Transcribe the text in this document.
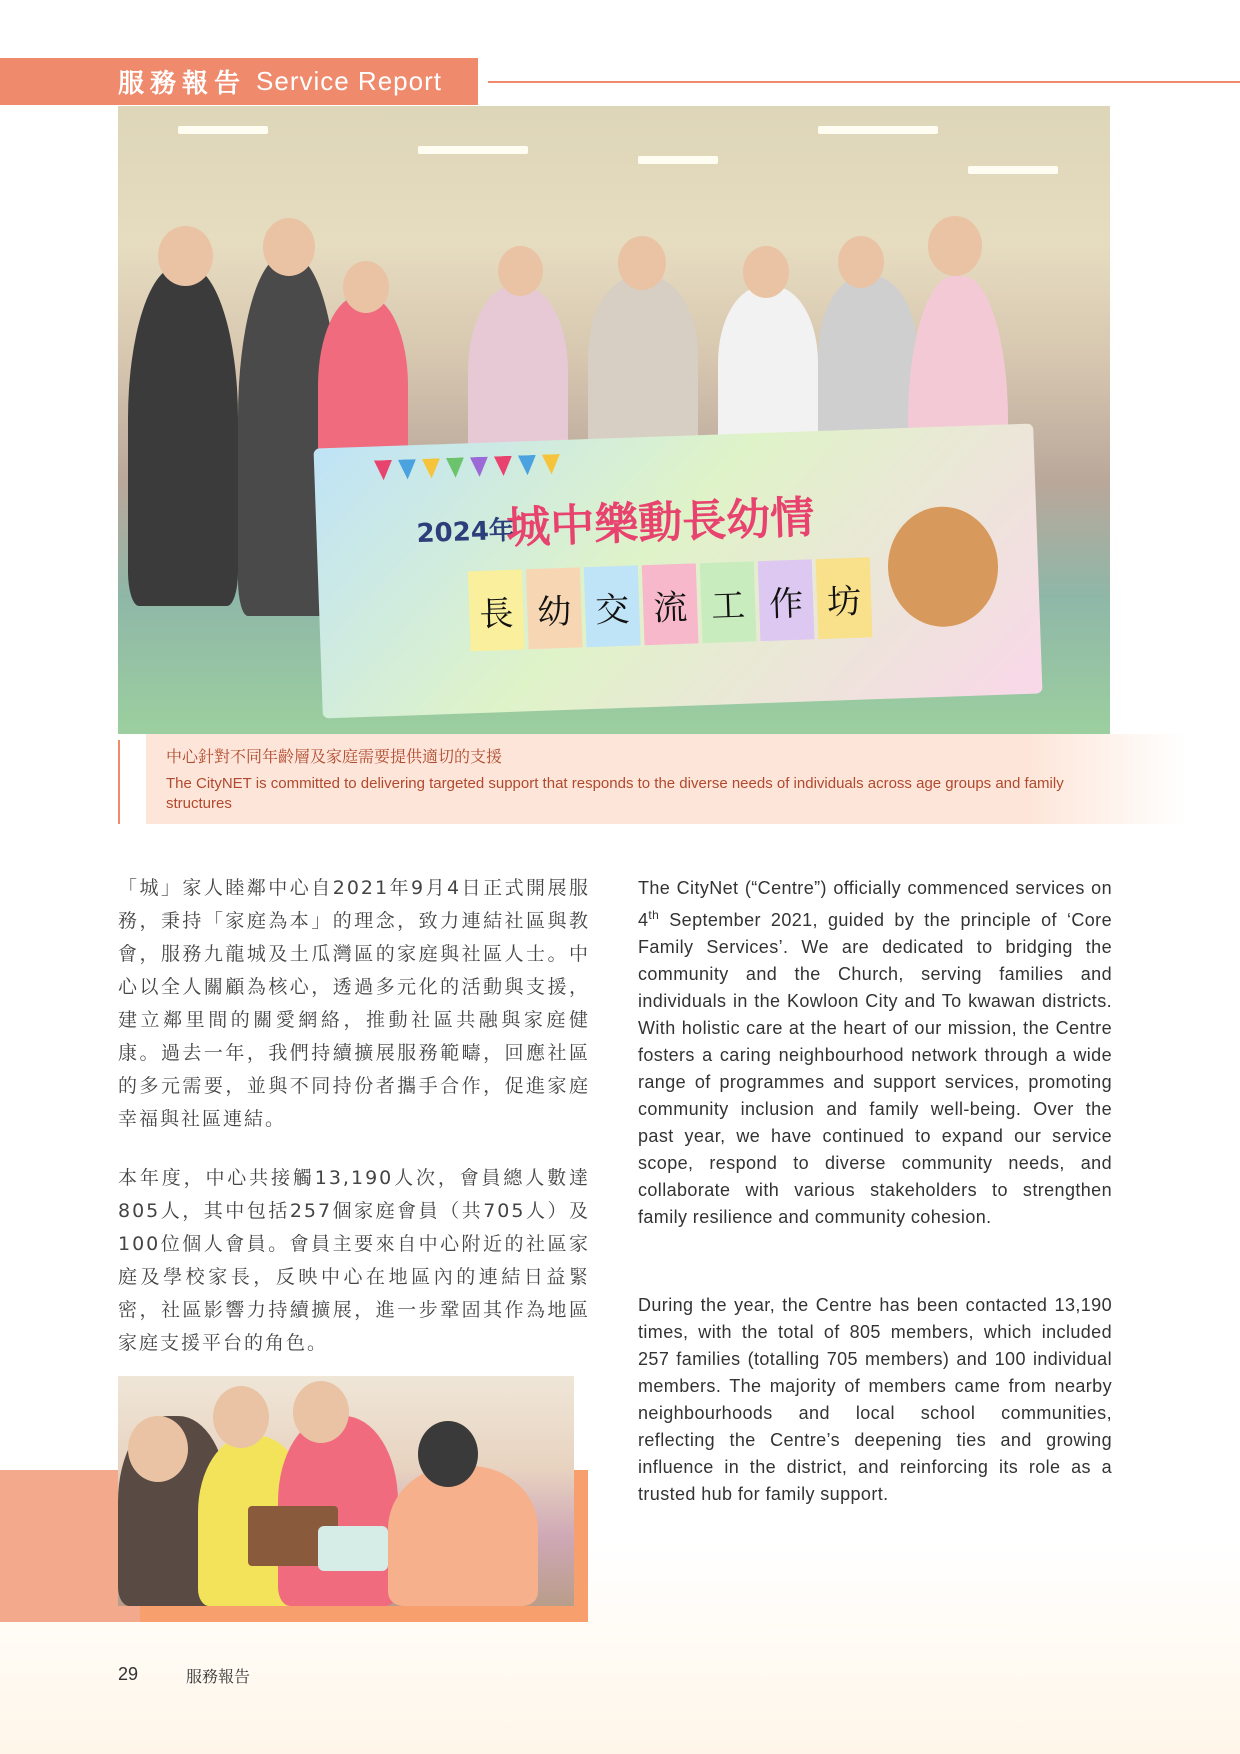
服務報告 Service Report
2024年
城中樂動長幼情
長 幼 交 流 工 作 坊
中心針對不同年齡層及家庭需要提供適切的支援
The CityNET is committed to delivering targeted support that responds to the diverse needs of individuals across age groups and family structures

「城」家人睦鄰中心自2021年9月4日正式開展服務，秉持「家庭為本」的理念，致力連結社區與教會，服務九龍城及土瓜灣區的家庭與社區人士。中心以全人關顧為核心，透過多元化的活動與支援，建立鄰里間的關愛網絡，推動社區共融與家庭健康。過去一年，我們持續擴展服務範疇，回應社區的多元需要，並與不同持份者攜手合作，促進家庭幸福與社區連結。

本年度，中心共接觸13,190人次，會員總人數達805人，其中包括257個家庭會員（共705人）及100位個人會員。會員主要來自中心附近的社區家庭及學校家長，反映中心在地區內的連結日益緊密，社區影響力持續擴展，進一步鞏固其作為地區家庭支援平台的角色。

The CityNet (“Centre”) officially commenced services on 4th September 2021, guided by the principle of ‘Core Family Services’. We are dedicated to bridging the community and the Church, serving families and individuals in the Kowloon City and To kwawan districts. With holistic care at the heart of our mission, the Centre fosters a caring neighbourhood network through a wide range of programmes and support services, promoting community inclusion and family well-being. Over the past year, we have continued to expand our service scope, respond to diverse community needs, and collaborate with various stakeholders to strengthen family resilience and community cohesion.

During the year, the Centre has been contacted 13,190 times, with the total of 805 members, which included 257 families (totalling 705 members) and 100 individual members. The majority of members came from nearby neighbourhoods and local school communities, reflecting the Centre’s deepening ties and growing influence in the district, and reinforcing its role as a trusted hub for family support.

29	服務報告
